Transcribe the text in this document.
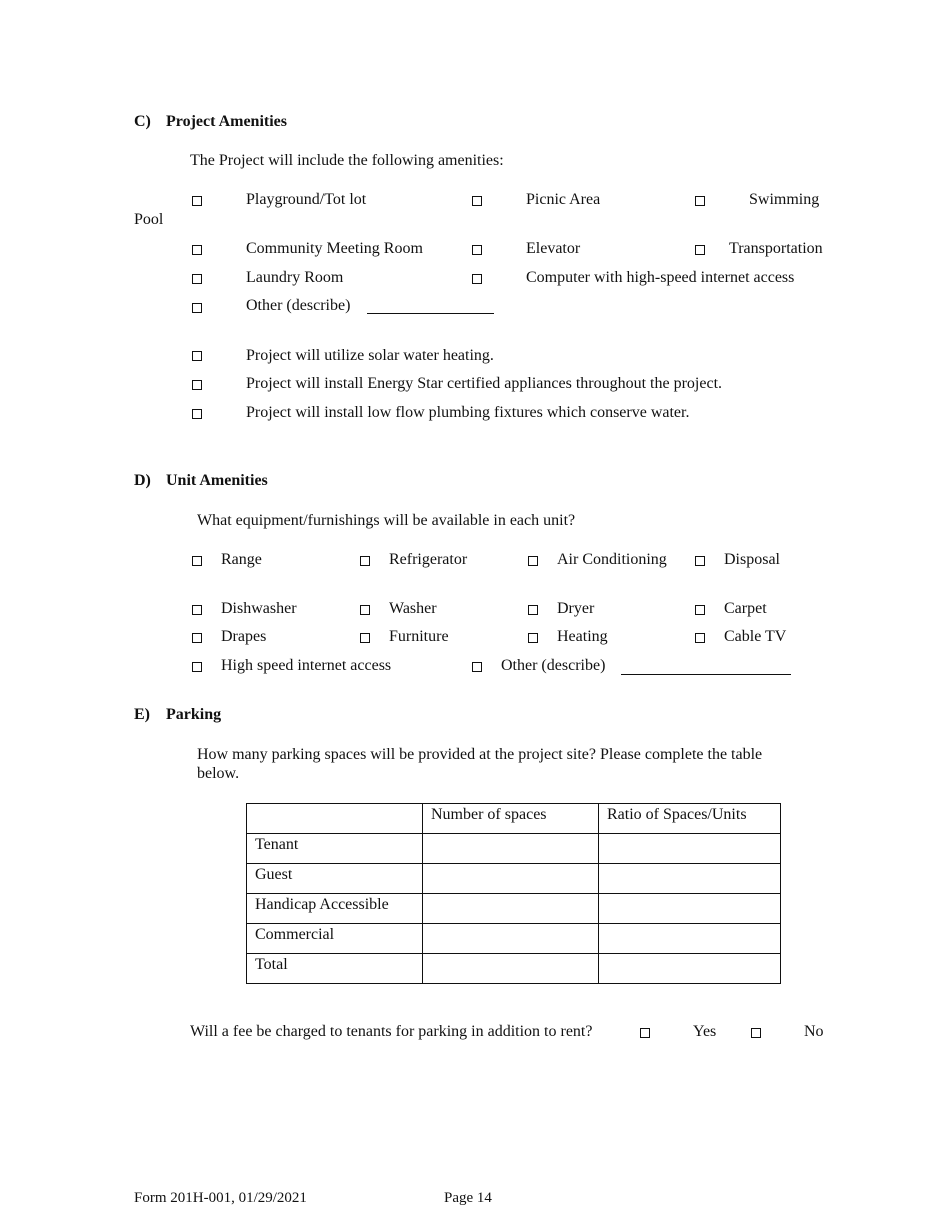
C) Project Amenities
The Project will include the following amenities:
Playground/Tot lot	Picnic Area	Swimming
Pool
Community Meeting Room	Elevator	Transportation
Laundry Room	Computer with high-speed internet access
Other (describe)
Project will utilize solar water heating.
Project will install Energy Star certified appliances throughout the project.
Project will install low flow plumbing fixtures which conserve water.
D) Unit Amenities
What equipment/furnishings will be available in each unit?
Range	Refrigerator	Air Conditioning	Disposal
Dishwasher	Washer	Dryer	Carpet
Drapes	Furniture	Heating	Cable TV
High speed internet access	Other (describe)
E) Parking
How many parking spaces will be provided at the project site? Please complete the table
below.
	Number of spaces	Ratio of Spaces/Units
Tenant		
Guest		
Handicap Accessible		
Commercial		
Total		
Will a fee be charged to tenants for parking in addition to rent?	Yes	No
Form 201H-001, 01/29/2021	Page 14
